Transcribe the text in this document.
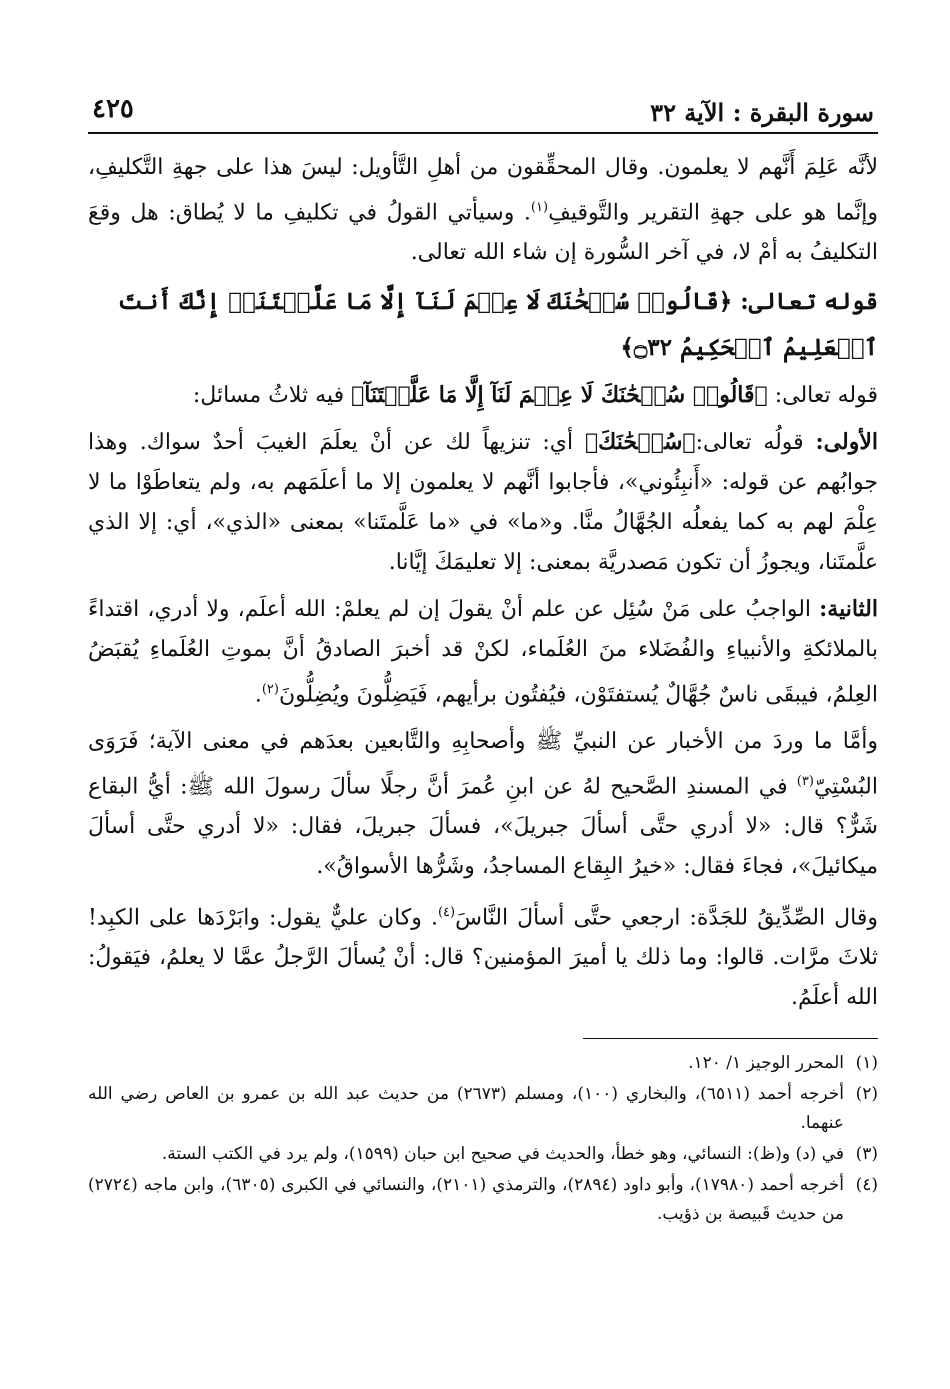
سورة البقرة : الآية ٣٢
٤٢٥

لأنَّه عَلِمَ أَنَّهم لا يعلمون. وقال المحقِّقون من أهلِ التَّأويل: ليسَ هذا على جهةِ التَّكليفِ، وإنَّما هو على جهةِ التقرير والتَّوقيفِ$^{(١)}$. وسيأتي القولُ في تكليفِ ما لا يُطاق: هل وقعَ التكليفُ به أمْ لا، في آخر السُّورة إن شاء الله تعالى.

قوله تعالى: ﴿قَالُوا۟ سُبۡحَٰنَكَ لَا عِلۡمَ لَنَآ إِلَّا مَا عَلَّمۡتَنَآۖ إِنَّكَ أَنتَ ٱلۡعَلِيمُ ٱلۡحَكِيمُ ۝٣٢﴾

قوله تعالى: ﴿قَالُوا۟ سُبۡحَٰنَكَ لَا عِلۡمَ لَنَآ إِلَّا مَا عَلَّمۡتَنَآ﴾ فيه ثلاثُ مسائل:

الأولى: قولُه تعالى:﴿سُبۡحَٰنَكَ﴾ أي: تنزيهاً لك عن أنْ يعلَمَ الغيبَ أحدٌ سواك. وهذا جوابُهم عن قوله: «أَنبِئُوني»، فأجابوا أنَّهم لا يعلمون إلا ما أعلَمَهم به، ولم يتعاطَوْا ما لا عِلْمَ لهم به كما يفعلُه الجُهَّالُ منَّا. و«ما» في «ما عَلَّمتَنا» بمعنى «الذي»، أي: إلا الذي علَّمتَنا، ويجوزُ أن تكون مَصدريَّة بمعنى: إلا تعليمَكَ إيَّانا.

الثانية: الواجبُ على مَنْ سُئِل عن علم أنْ يقولَ إن لم يعلمْ: الله أعلَم، ولا أدري، اقتداءً بالملائكةِ والأنبياءِ والفُضَلاء منَ العُلَماء، لكنْ قد أخبرَ الصادقُ أنَّ بموتِ العُلَماءِ يُقبَضُ العِلمُ، فيبقَى ناسٌ جُهَّالٌ يُستفتَوْن، فيُفتُون برأيهم، فَيَضِلُّونَ ويُضِلُّونَ$^{(٢)}$.

وأمَّا ما وردَ من الأخبار عن النبيِّ ﷺ وأصحابِهِ والتَّابعين بعدَهم في معنى الآية؛ فَرَوَى البُسْتِيّ$^{(٣)}$ في المسندِ الصَّحيح لهُ عن ابنِ عُمرَ أنَّ رجلًا سألَ رسولَ الله ﷺ: أيُّ البقاع شَرٌّ؟ قال: «لا أدري حتَّى أسألَ جبريلَ»، فسألَ جبريلَ، فقال: «لا أدري حتَّى أسألَ ميكائيلَ»، فجاءَ فقال: «خيرُ البِقاع المساجدُ، وشَرُّها الأسواقُ».

وقال الصِّدِّيقُ للجَدَّة: ارجعي حتَّى أسألَ النَّاسَ$^{(٤)}$. وكان عليٌّ يقول: وابَرْدَها على الكبِد! ثلاثَ مرَّات. قالوا: وما ذلك يا أميرَ المؤمنين؟ قال: أنْ يُسألَ الرَّجلُ عمَّا لا يعلمُ، فيَقولُ: الله أعلَمُ.

(١)
المحرر الوجيز ١/ ١٢٠.
(٢)
أخرجه أحمد (٦٥١١)، والبخاري (١٠٠)، ومسلم (٢٦٧٣) من حديث عبد الله بن عمرو بن العاص رضي الله عنهما.
(٣)
في (د) و(ظ): النسائي، وهو خطأ، والحديث في صحيح ابن حبان (١٥٩٩)، ولم يرد في الكتب الستة.
(٤)
أخرجه أحمد (١٧٩٨٠)، وأبو داود (٢٨٩٤)، والترمذي (٢١٠١)، والنسائي في الكبرى (٦٣٠٥)، وابن ماجه (٢٧٢٤) من حديث قَبيصة بن ذؤيب.
